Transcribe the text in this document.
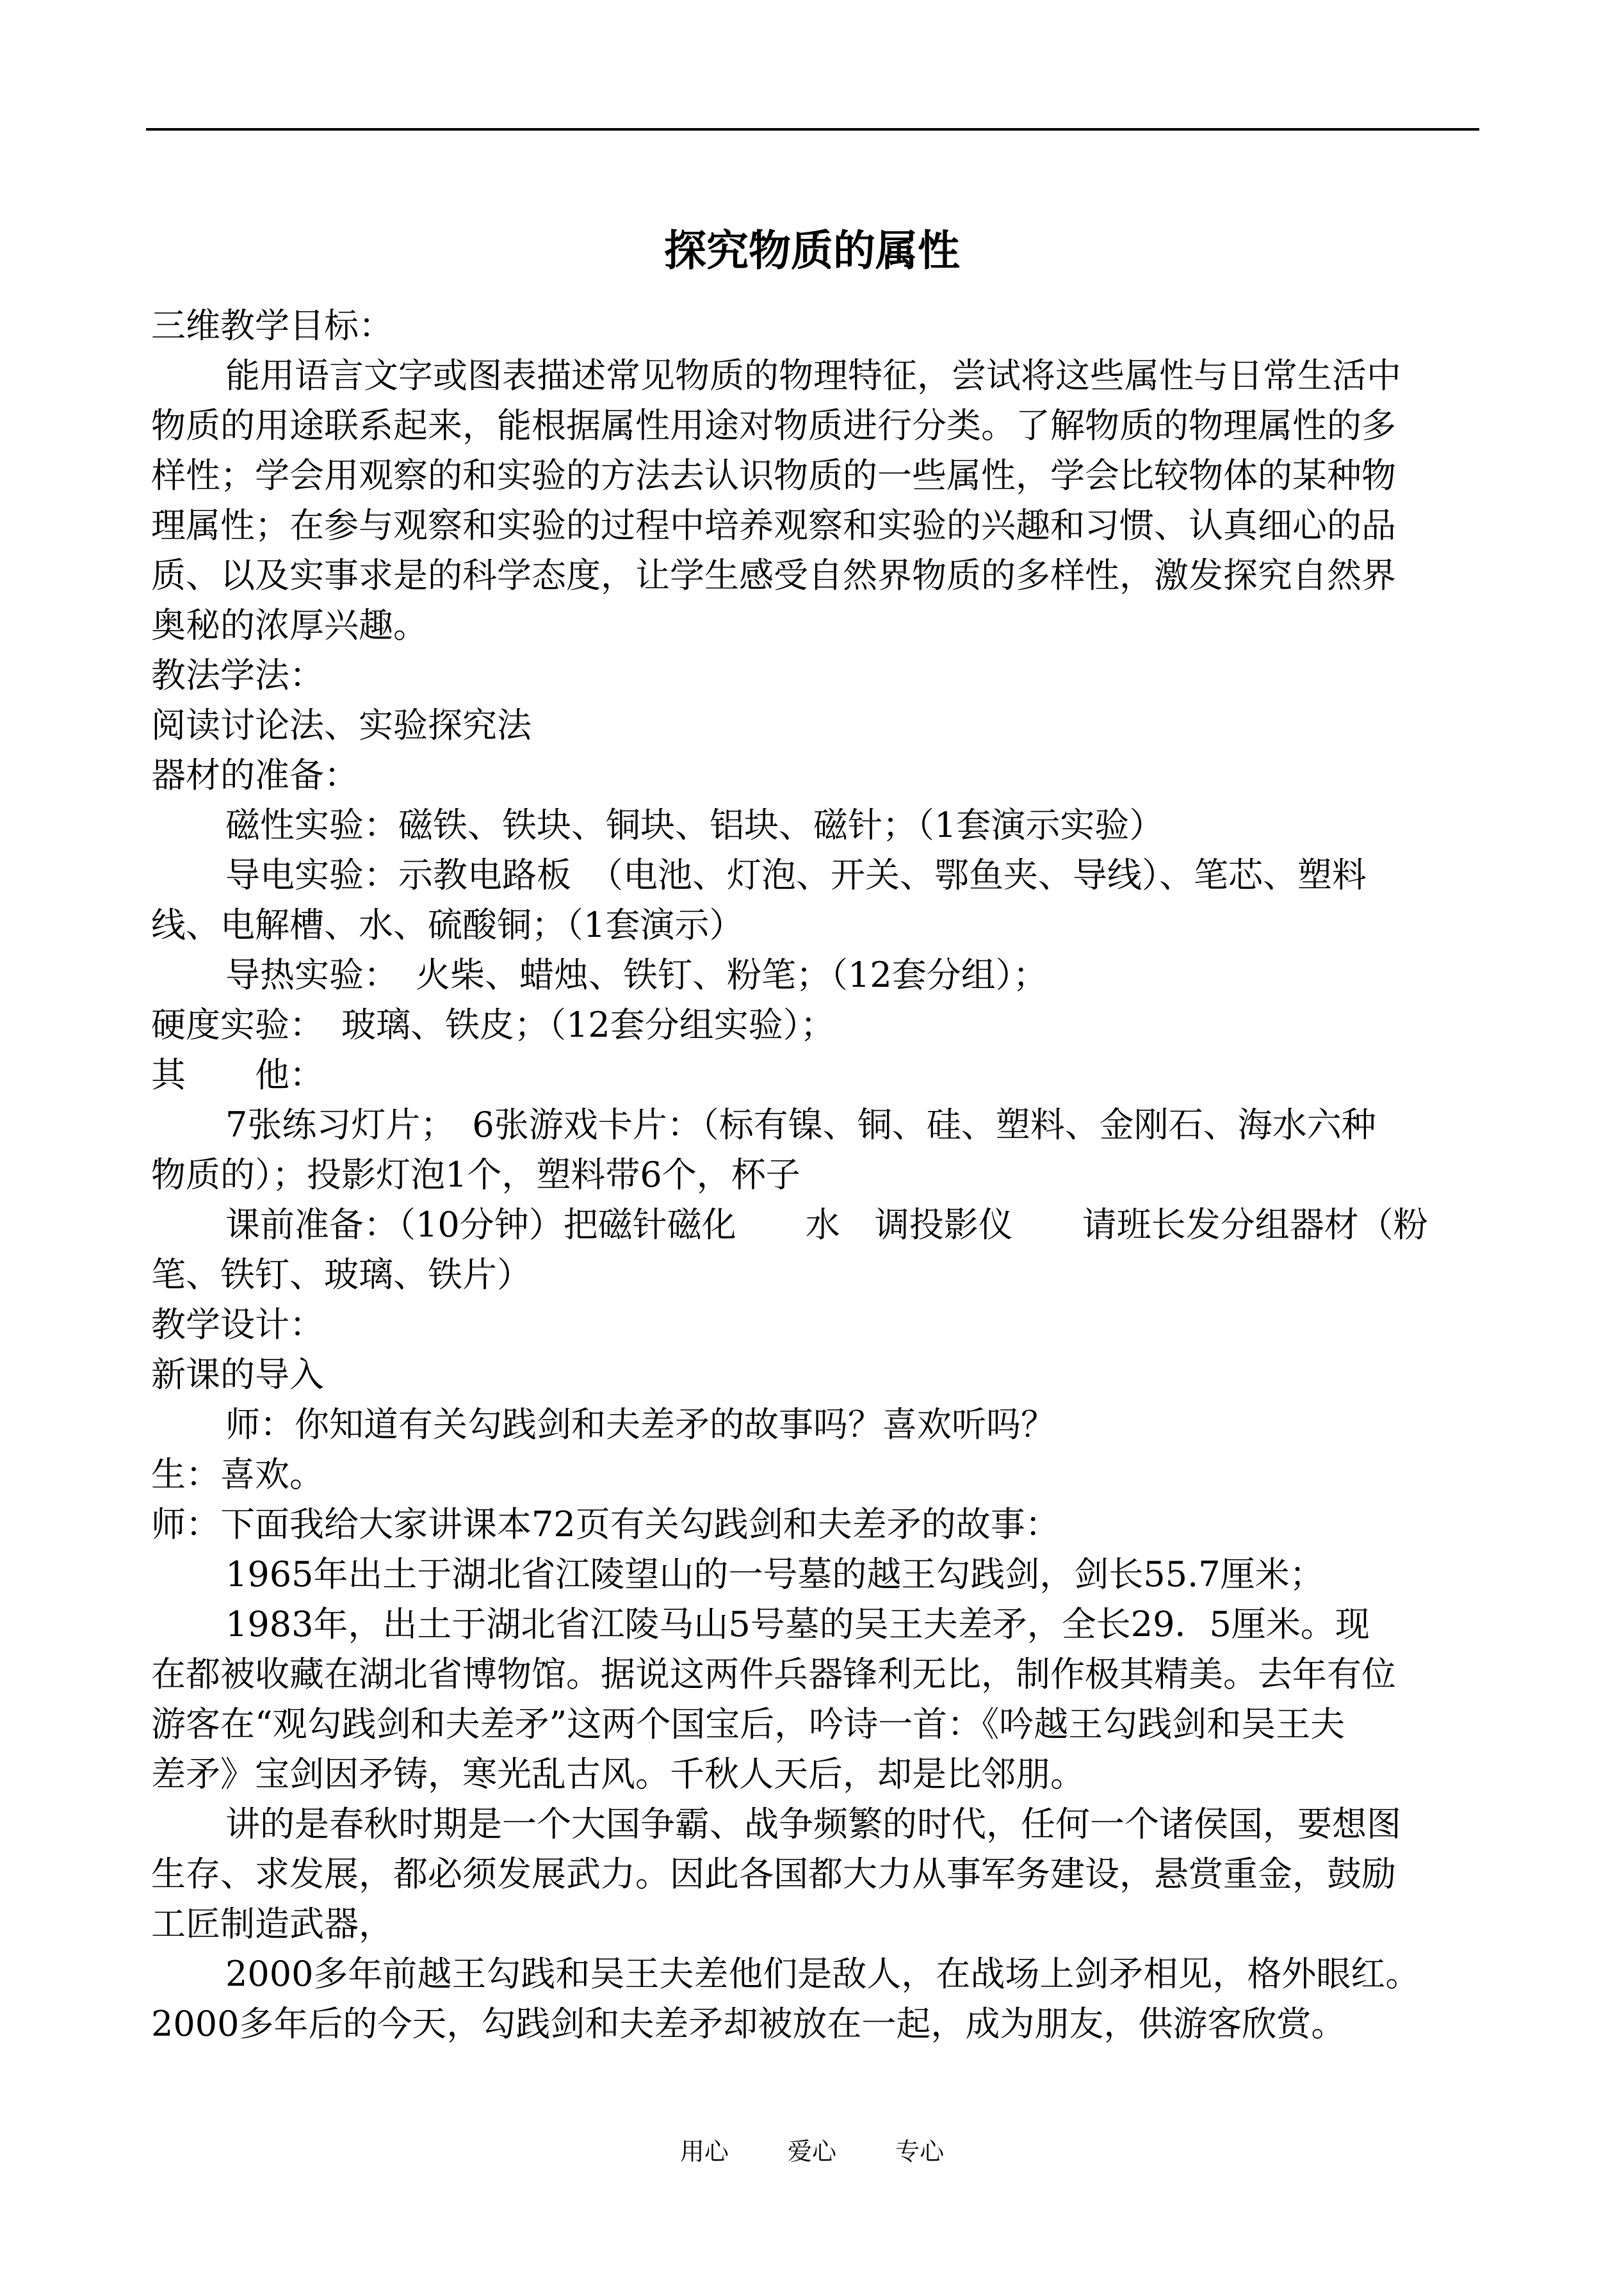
探究物质的属性

三维教学目标：

能用语言文字或图表描述常见物质的物理特征，尝试将这些属性与日常生活中

物质的用途联系起来，能根据属性用途对物质进行分类。了解物质的物理属性的多

样性；学会用观察的和实验的方法去认识物质的一些属性，学会比较物体的某种物

理属性；在参与观察和实验的过程中培养观察和实验的兴趣和习惯、认真细心的品

质、以及实事求是的科学态度，让学生感受自然界物质的多样性，激发探究自然界

奥秘的浓厚兴趣。

教法学法：

阅读讨论法、实验探究法

器材的准备：

磁性实验：磁铁、铁块、铜块、铝块、磁针；（1套演示实验）

导电实验：示教电路板　（电池、灯泡、开关、鄂鱼夹、导线）、笔芯、塑料

线、电解槽、水、硫酸铜；（1套演示）

导热实验：　火柴、蜡烛、铁钉、粉笔；（12套分组）；

硬度实验：　玻璃、铁皮；（12套分组实验）；

其　　他：

7张练习灯片；　6张游戏卡片：（标有镍、铜、硅、塑料、金刚石、海水六种

物质的）；投影灯泡1个，塑料带6个，杯子

课前准备：（10分钟）把磁针磁化　　水　调投影仪　　请班长发分组器材（粉

笔、铁钉、玻璃、铁片）

教学设计：

新课的导入

师：你知道有关勾践剑和夫差矛的故事吗？喜欢听吗？

生：喜欢。

师：下面我给大家讲课本72页有关勾践剑和夫差矛的故事：

1965年出土于湖北省江陵望山的一号墓的越王勾践剑，剑长55.7厘米；

1983年，出土于湖北省江陵马山5号墓的吴王夫差矛，全长29．5厘米。现

在都被收藏在湖北省博物馆。据说这两件兵器锋利无比，制作极其精美。去年有位

游客在“观勾践剑和夫差矛”这两个国宝后，吟诗一首：《吟越王勾践剑和吴王夫

差矛》宝剑因矛铸，寒光乱古风。千秋人天后，却是比邻朋。

讲的是春秋时期是一个大国争霸、战争频繁的时代，任何一个诸侯国，要想图

生存、求发展，都必须发展武力。因此各国都大力从事军务建设，悬赏重金，鼓励

工匠制造武器，

2000多年前越王勾践和吴王夫差他们是敌人，在战场上剑矛相见，格外眼红。

2000多年后的今天，勾践剑和夫差矛却被放在一起，成为朋友，供游客欣赏。

用心 爱心 专心
